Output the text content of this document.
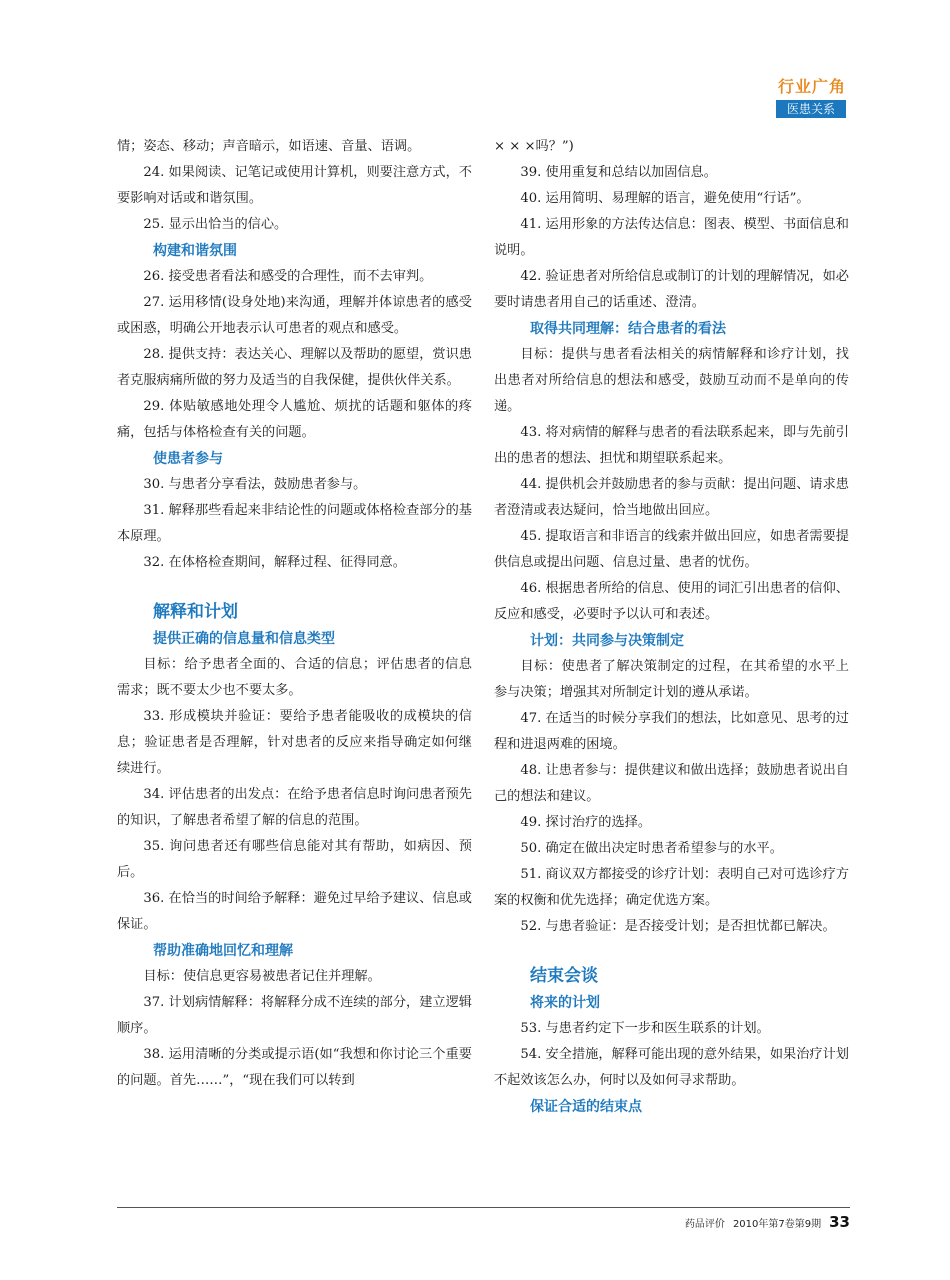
行业广角
医患关系

情；姿态、移动；声音暗示，如语速、音量、语调。

24. 如果阅读、记笔记或使用计算机，则要注意方式，不要影响对话或和谐氛围。

25. 显示出恰当的信心。

构建和谐氛围

26. 接受患者看法和感受的合理性，而不去审判。

27. 运用移情(设身处地)来沟通，理解并体谅患者的感受或困惑，明确公开地表示认可患者的观点和感受。

28. 提供支持：表达关心、理解以及帮助的愿望，赏识患者克服病痛所做的努力及适当的自我保健，提供伙伴关系。

29. 体贴敏感地处理令人尴尬、烦扰的话题和躯体的疼痛，包括与体格检查有关的问题。

使患者参与

30. 与患者分享看法，鼓励患者参与。

31. 解释那些看起来非结论性的问题或体格检查部分的基本原理。

32. 在体格检查期间，解释过程、征得同意。

解释和计划
提供正确的信息量和信息类型

目标：给予患者全面的、合适的信息；评估患者的信息需求；既不要太少也不要太多。

33. 形成模块并验证：要给予患者能吸收的成模块的信息；验证患者是否理解，针对患者的反应来指导确定如何继续进行。

34. 评估患者的出发点：在给予患者信息时询问患者预先的知识，了解患者希望了解的信息的范围。

35. 询问患者还有哪些信息能对其有帮助，如病因、预后。

36. 在恰当的时间给予解释：避免过早给予建议、信息或保证。

帮助准确地回忆和理解

目标：使信息更容易被患者记住并理解。

37. 计划病情解释：将解释分成不连续的部分，建立逻辑顺序。

38. 运用清晰的分类或提示语(如“我想和你讨论三个重要的问题。首先……”，“现在我们可以转到

× × ×吗？”)

39. 使用重复和总结以加固信息。

40. 运用简明、易理解的语言，避免使用“行话”。

41. 运用形象的方法传达信息：图表、模型、书面信息和说明。

42. 验证患者对所给信息或制订的计划的理解情况，如必要时请患者用自己的话重述、澄清。

取得共同理解：结合患者的看法

目标：提供与患者看法相关的病情解释和诊疗计划，找出患者对所给信息的想法和感受，鼓励互动而不是单向的传递。

43. 将对病情的解释与患者的看法联系起来，即与先前引出的患者的想法、担忧和期望联系起来。

44. 提供机会并鼓励患者的参与贡献：提出问题、请求患者澄清或表达疑问，恰当地做出回应。

45. 提取语言和非语言的线索并做出回应，如患者需要提供信息或提出问题、信息过量、患者的忧伤。

46. 根据患者所给的信息、使用的词汇引出患者的信仰、反应和感受，必要时予以认可和表述。

计划：共同参与决策制定

目标：使患者了解决策制定的过程，在其希望的水平上参与决策；增强其对所制定计划的遵从承诺。

47. 在适当的时候分享我们的想法，比如意见、思考的过程和进退两难的困境。

48. 让患者参与：提供建议和做出选择；鼓励患者说出自己的想法和建议。

49. 探讨治疗的选择。

50. 确定在做出决定时患者希望参与的水平。

51. 商议双方都接受的诊疗计划：表明自己对可选诊疗方案的权衡和优先选择；确定优选方案。

52. 与患者验证：是否接受计划；是否担忧都已解决。

结束会谈
将来的计划

53. 与患者约定下一步和医生联系的计划。

54. 安全措施，解释可能出现的意外结果，如果治疗计划不起效该怎么办，何时以及如何寻求帮助。

保证合适的结束点
药品评价 2010年第7卷第9期 33
